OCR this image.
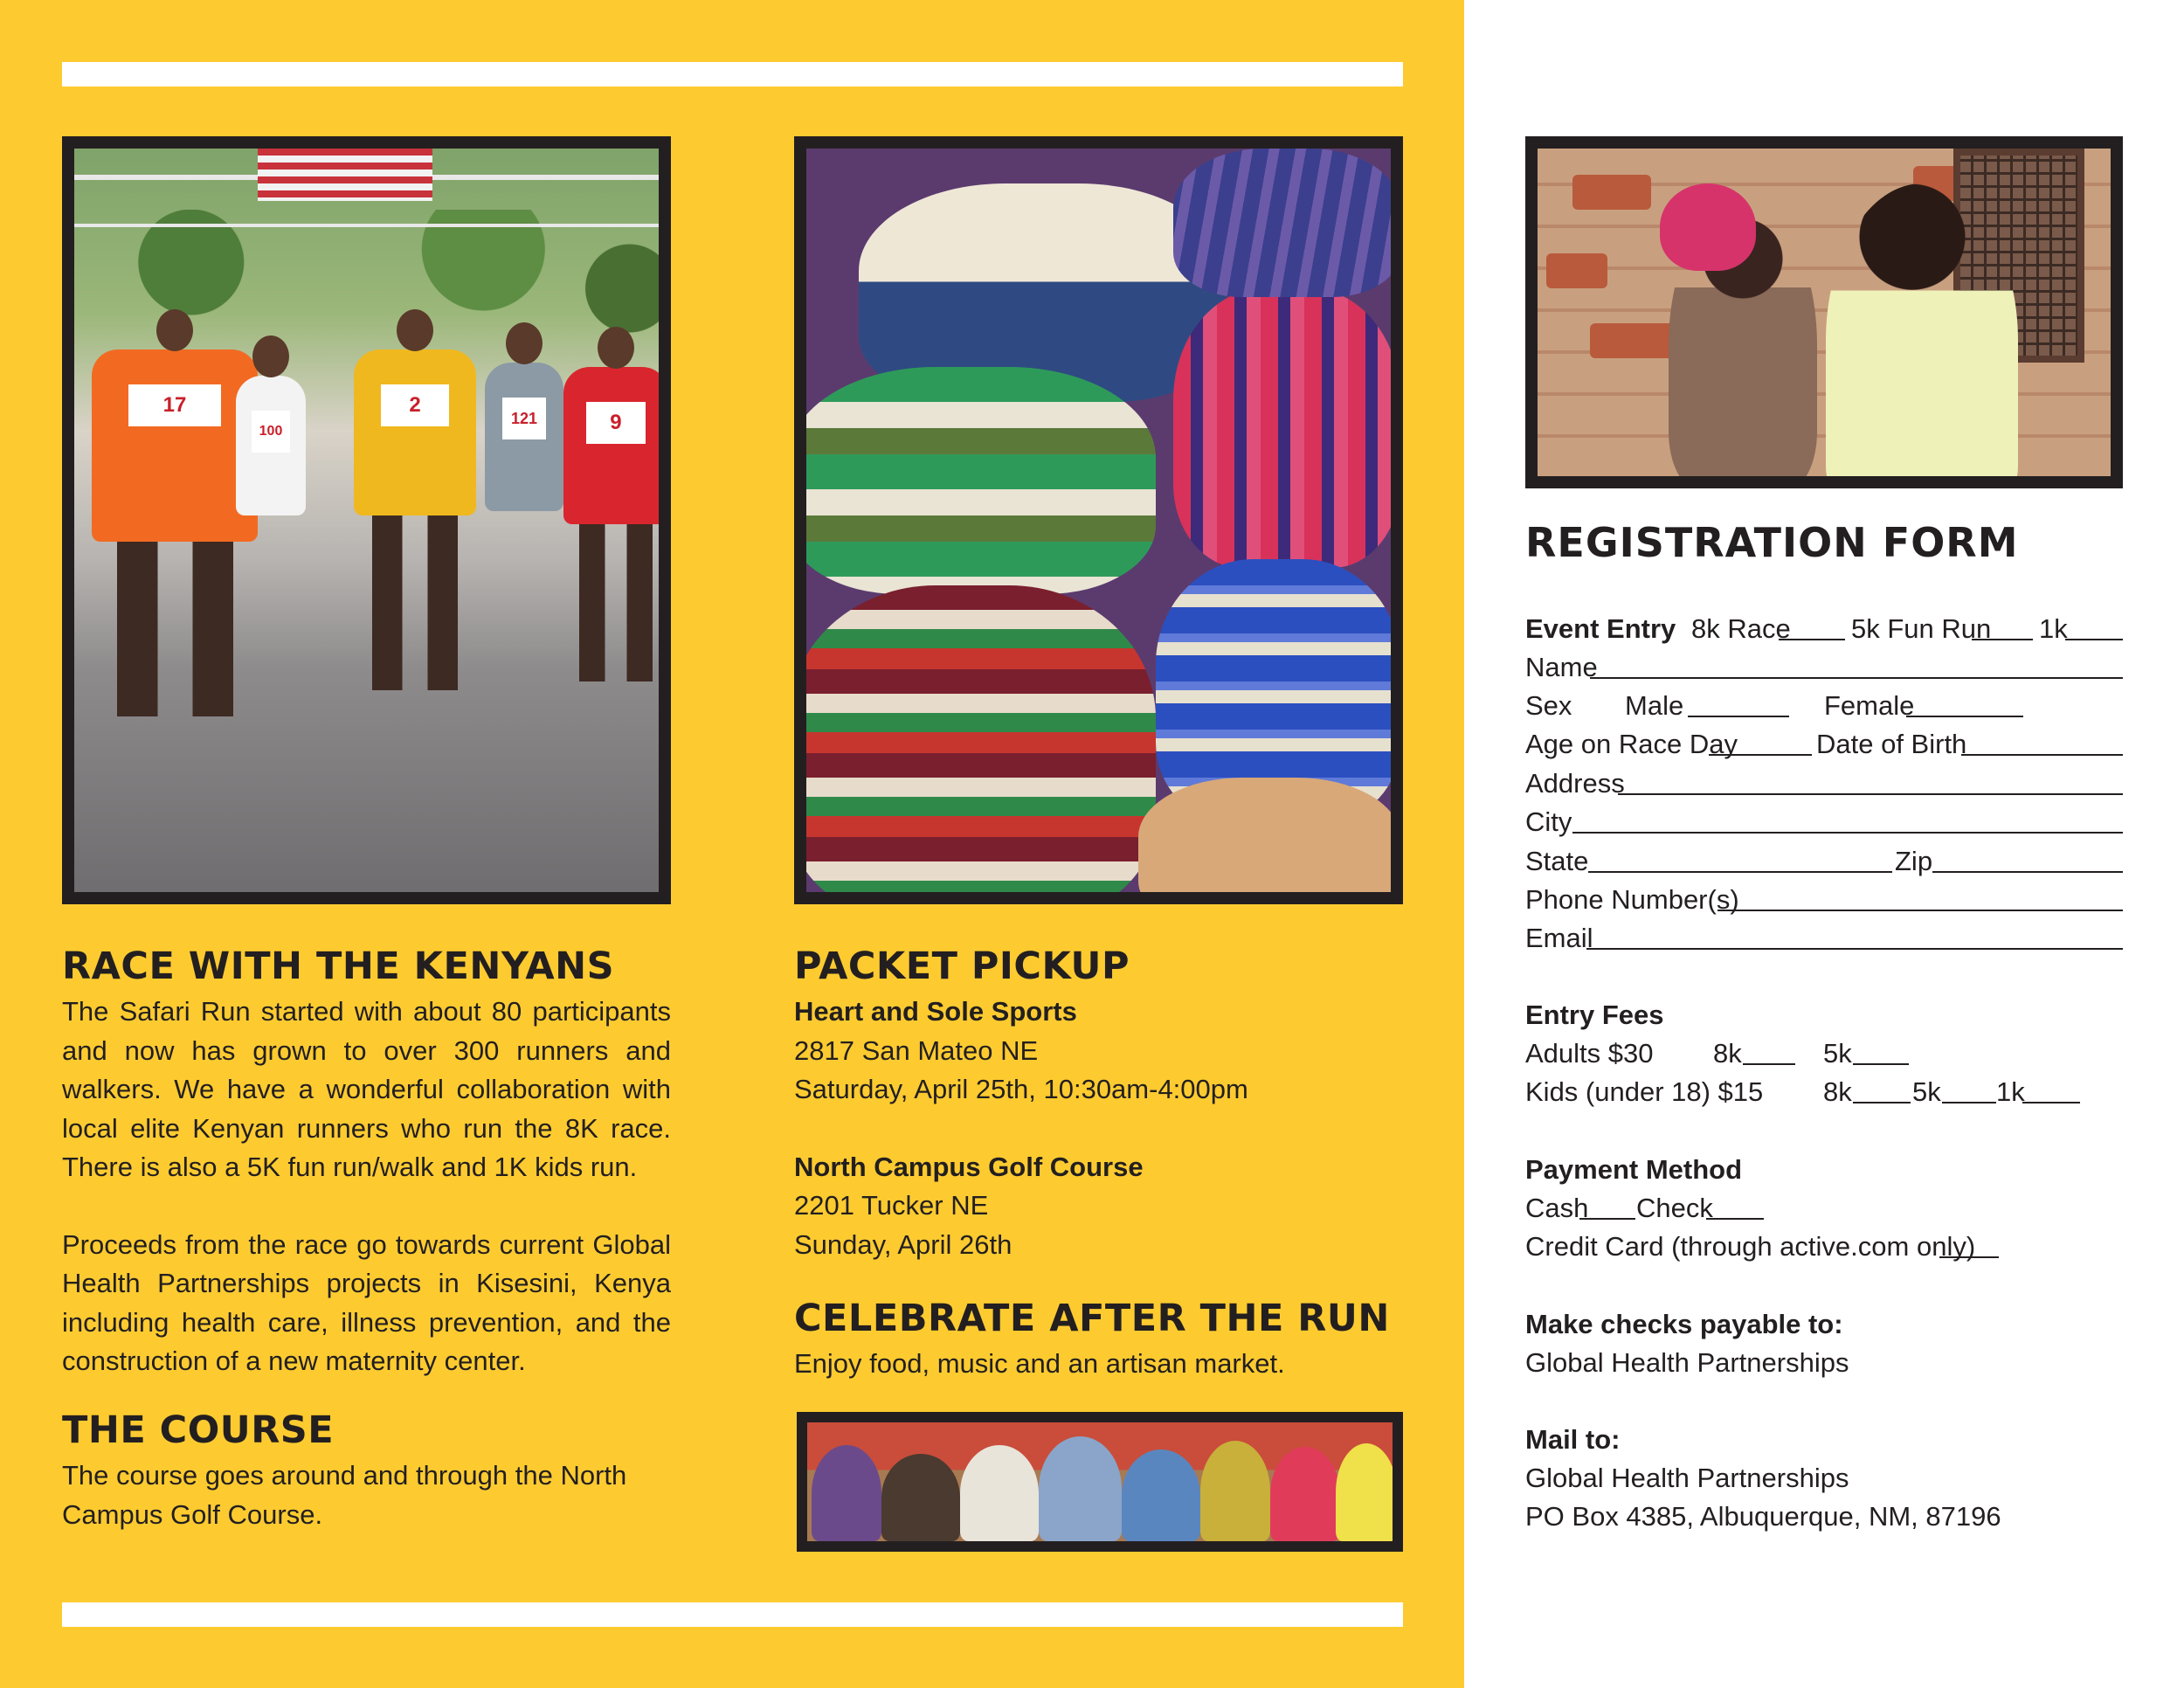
17
100
2
121	9
RACE WITH THE KENYANS
The Safari Run started with about 80 participants and now has grown to over 300 runners and walkers. We have a wonderful collaboration with local elite Kenyan runners who run the 8K race. There is also a 5K fun run/walk and 1K kids run.
Proceeds from the race go towards current Global Health Partnerships projects in Kisesini, Kenya including health care, illness prevention, and the construction of a new maternity center.
THE COURSE
The course goes around and through the North Campus Golf Course.
PACKET PICKUP
Heart and Sole Sports
2817 San Mateo NE
Saturday, April 25th, 10:30am-4:00pm
North Campus Golf Course
2201 Tucker NE
Sunday, April 26th
CELEBRATE AFTER THE RUN
Enjoy food, music and an artisan market.
REGISTRATION FORM
Event Entry 8k Race 5k Fun Run 1k
Name
Sex Male	Female
Age on Race Day	Date of Birth
Address
City
State	Zip
Phone Number(s)
Email
Entry Fees
Adults $30 8k	5k
Kids (under 18) $15 8k 5k 1k
Payment Method
Cash Check
Credit Card (through active.com only)
Make checks payable to:
Global Health Partnerships
Mail to:
Global Health Partnerships
PO Box 4385, Albuquerque, NM, 87196
